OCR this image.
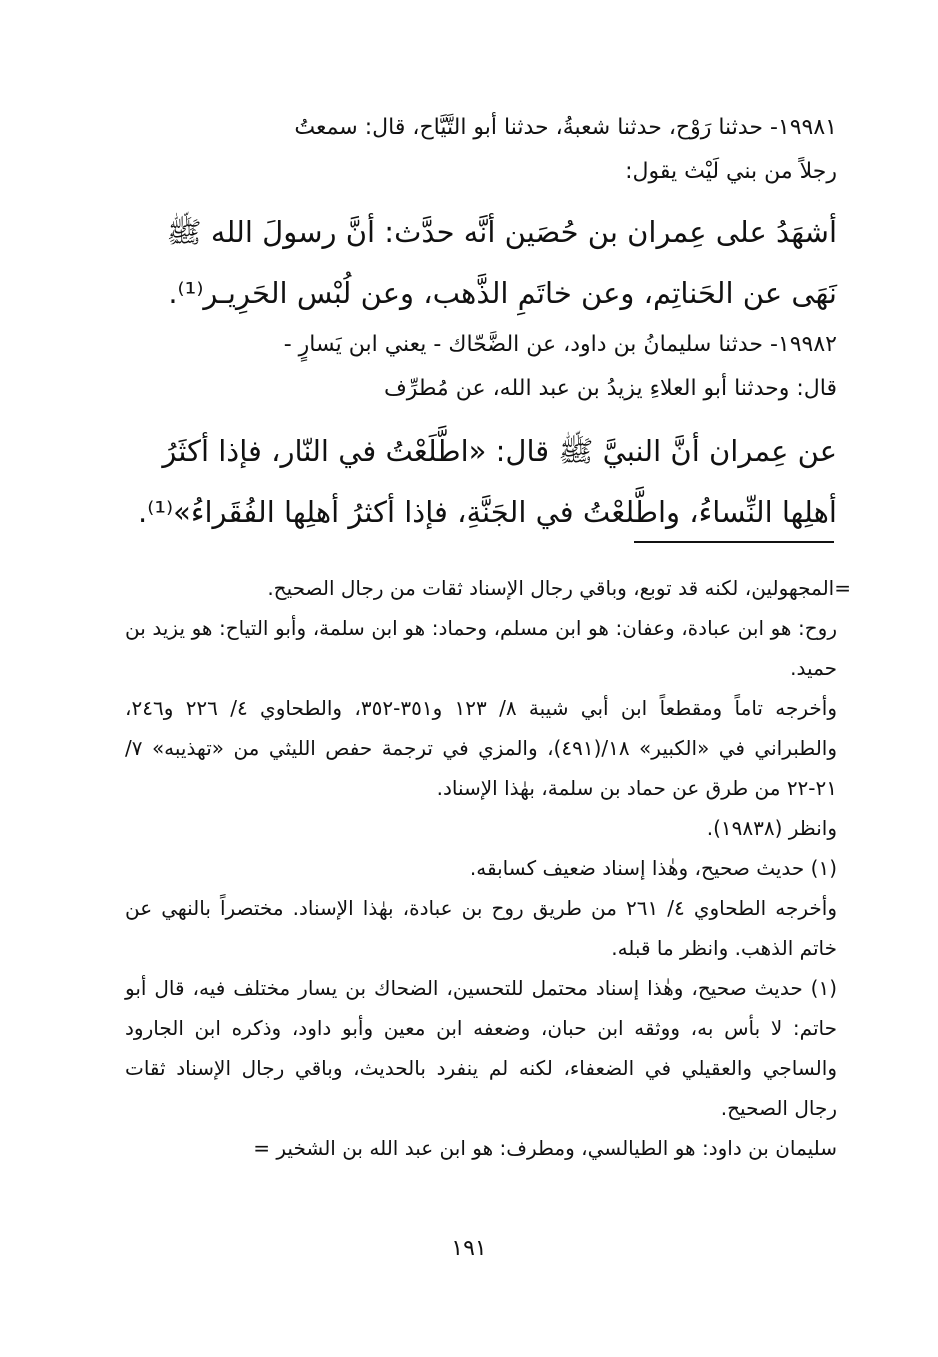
١٩٩٨١- حدثنا رَوْح، حدثنا شعبةُ، حدثنا أبو التَّيَّاح، قال: سمعتُ
رجلاً من بني لَيْث يقول:
أشهَدُ على عِمران بن حُصَين أنَّه حدَّث: أنَّ رسولَ الله ﷺ
نَهَى عن الحَناتِم، وعن خاتَمِ الذَّهب، وعن لُبْس الحَرِيـر⁽¹⁾.
١٩٩٨٢- حدثنا سليمانُ بن داود، عن الضَّحّاك - يعني ابن يَسارٍ -
قال: وحدثنا أبو العلاءِ يزيدُ بن عبد الله، عن مُطرِّف
عن عِمران أنَّ النبيَّ ﷺ قال: «اطَّلَعْتُ في النّار، فإذا أكثَرُ
أهلِها النِّساءُ، واطَّلعْتُ في الجَنَّةِ، فإذا أكثرُ أهلِها الفُقَراءُ»⁽¹⁾.

=المجهولين، لكنه قد توبع، وباقي رجال الإسناد ثقات من رجال الصحيح.

روح: هو ابن عبادة، وعفان: هو ابن مسلم، وحماد: هو ابن سلمة، وأبو التياح: هو يزيد بن حميد.

وأخرجه تاماً ومقطعاً ابن أبي شيبة ٨/ ١٢٣ و٣٥١-٣٥٢، والطحاوي ٤/ ٢٢٦ و٢٤٦، والطبراني في «الكبير» ١٨/(٤٩١)، والمزي في ترجمة حفص الليثي من «تهذيبه» ٧/ ٢١-٢٢ من طرق عن حماد بن سلمة، بهٰذا الإسناد.

وانظر (١٩٨٣٨).

(١) حديث صحيح، وهٰذا إسناد ضعيف كسابقه.

وأخرجه الطحاوي ٤/ ٢٦١ من طريق روح بن عبادة، بهٰذا الإسناد. مختصراً بالنهي عن خاتم الذهب. وانظر ما قبله.

(١) حديث صحيح، وهٰذا إسناد محتمل للتحسين، الضحاك بن يسار مختلف فيه، قال أبو حاتم: لا بأس به، ووثقه ابن حبان، وضعفه ابن معين وأبو داود، وذكره ابن الجارود والساجي والعقيلي في الضعفاء، لكنه لم ينفرد بالحديث، وباقي رجال الإسناد ثقات رجال الصحيح.

سليمان بن داود: هو الطيالسي، ومطرف: هو ابن عبد الله بن الشخير =

١٩١
